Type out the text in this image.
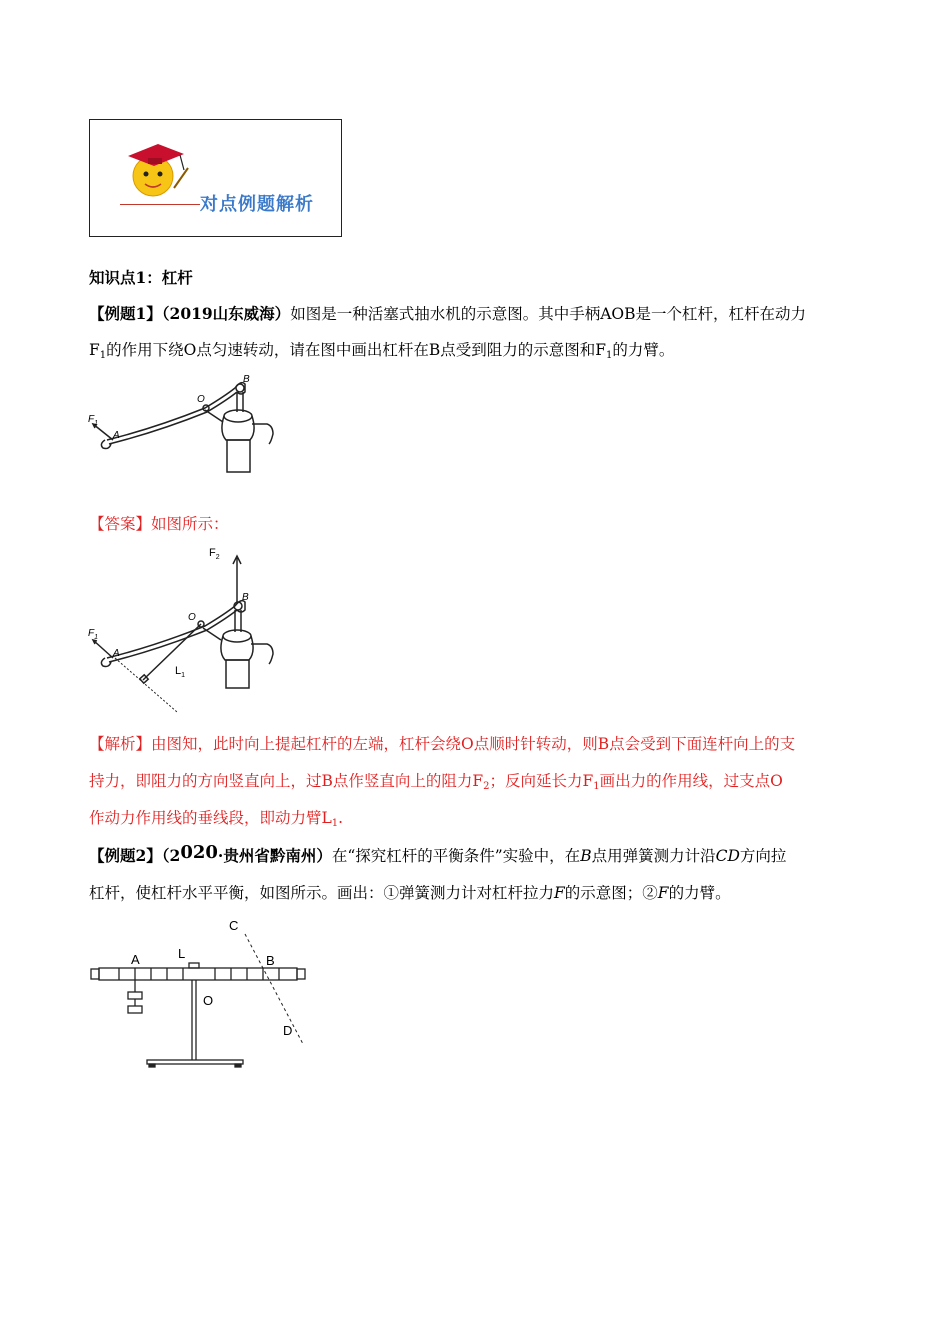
对点例题解析
知识点1：杠杆
【例题1】（2019山东威海）如图是一种活塞式抽水机的示意图。其中手柄AOB是一个杠杆，杠杆在动力
$F_1$的作用下绕O点匀速转动，请在图中画出杠杆在B点受到阻力的示意图和$F_1$的力臂。
$F_1$
A
O
B
【答案】如图所示：
$F_2$
$F_1$
A
O
B
$L_1$
【解析】由图知，此时向上提起杠杆的左端，杠杆会绕O点顺时针转动，则B点会受到下面连杆向上的支
持力，即阻力的方向竖直向上，过B点作竖直向上的阻力$F_2$；反向延长力$F_1$画出力的作用线，过支点O
作动力作用线的垂线段，即动力臂$L_1$.
【例题2】（2020·贵州省黔南州）在“探究杠杆的平衡条件”实验中，在B点用弹簧测力计沿CD方向拉
杠杆，使杠杆水平平衡，如图所示。画出：①弹簧测力计对杠杆拉力F的示意图；②F的力臂。
C
A	L	B
O
D
